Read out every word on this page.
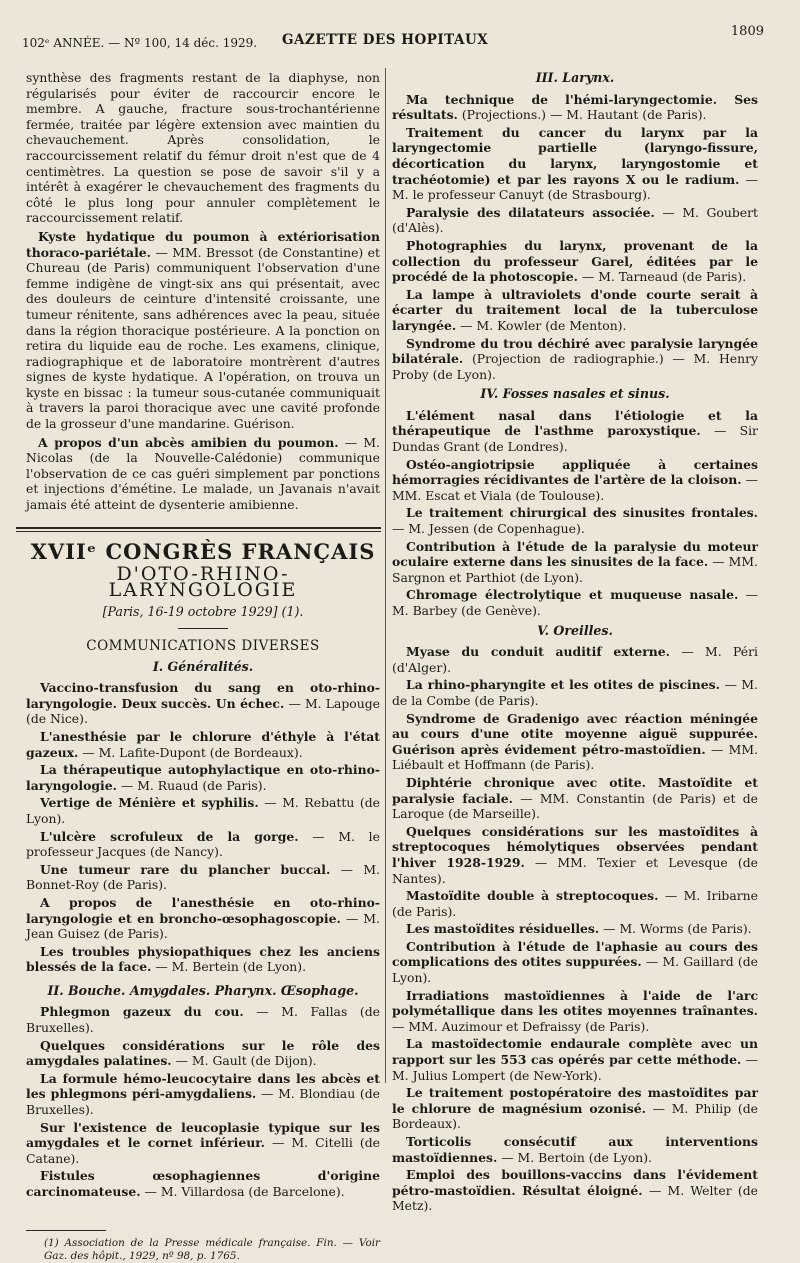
102ᵉ ANNÉE. — Nº 100, 14 déc. 1929. GAZETTE DES HOPITAUX
1809

synthèse des fragments restant de la diaphyse, non régularisés pour éviter de raccourcir encore le membre. A gauche, fracture sous-trochantérienne fermée, traitée par légère extension avec maintien du chevauchement. Après consolidation, le raccourcissement relatif du fémur droit n'est que de 4 centimètres. La question se pose de savoir s'il y a intérêt à exagérer le chevauchement des fragments du côté le plus long pour annuler complètement le raccourcissement relatif.

Kyste hydatique du poumon à extériorisation thoraco-pariétale. — MM. Bressot (de Constantine) et Chureau (de Paris) communiquent l'observation d'une femme indigène de vingt-six ans qui présentait, avec des douleurs de ceinture d'intensité croissante, une tumeur rénitente, sans adhérences avec la peau, située dans la région thoracique postérieure. A la ponction on retira du liquide eau de roche. Les examens, clinique, radiographique et de laboratoire montrèrent d'autres signes de kyste hydatique. A l'opération, on trouva un kyste en bissac : la tumeur sous-cutanée communiquait à travers la paroi thoracique avec une cavité profonde de la grosseur d'une mandarine. Guérison.

A propos d'un abcès amibien du poumon. — M. Nicolas (de la Nouvelle-Calédonie) communique l'observation de ce cas guéri simplement par ponctions et injections d'émétine. Le malade, un Javanais n'avait jamais été atteint de dysenterie amibienne.

XVIIᵉ CONGRÈS FRANÇAIS
D'OTO-RHINO-LARYNGOLOGIE
[Paris, 16-19 octobre 1929] (1).
COMMUNICATIONS DIVERSES
I. Généralités.

Vaccino-transfusion du sang en oto-rhino-laryngologie. Deux succès. Un échec. — M. Lapouge (de Nice).

L'anesthésie par le chlorure d'éthyle à l'état gazeux. — M. Lafite-Dupont (de Bordeaux).

La thérapeutique autophylactique en oto-rhino-laryngologie. — M. Ruaud (de Paris).

Vertige de Ménière et syphilis. — M. Rebattu (de Lyon).

L'ulcère scrofuleux de la gorge. — M. le professeur Jacques (de Nancy).

Une tumeur rare du plancher buccal. — M. Bonnet-Roy (de Paris).

A propos de l'anesthésie en oto-rhino-laryngologie et en broncho-œsophagoscopie. — M. Jean Guisez (de Paris).

Les troubles physiopathiques chez les anciens blessés de la face. — M. Bertein (de Lyon).

II. Bouche. Amygdales. Pharynx. Œsophage.

Phlegmon gazeux du cou. — M. Fallas (de Bruxelles).

Quelques considérations sur le rôle des amygdales palatines. — M. Gault (de Dijon).

La formule hémo-leucocytaire dans les abcès et les phlegmons péri-amygdaliens. — M. Blondiau (de Bruxelles).

Sur l'existence de leucoplasie typique sur les amygdales et le cornet inférieur. — M. Citelli (de Catane).

Fistules œsophagiennes d'origine carcinomateuse. — M. Villardosa (de Barcelone).

(1) Association de la Presse médicale française. Fin. — Voir Gaz. des hôpit., 1929, nº 98, p. 1765.
III. Larynx.

Ma technique de l'hémi-laryngectomie. Ses résultats. (Projections.) — M. Hautant (de Paris).

Traitement du cancer du larynx par la laryngectomie partielle (laryngo-fissure, décortication du larynx, laryngostomie et trachéotomie) et par les rayons X ou le radium. — M. le professeur Canuyt (de Strasbourg).

Paralysie des dilatateurs associée. — M. Goubert (d'Alès).

Photographies du larynx, provenant de la collection du professeur Garel, éditées par le procédé de la photoscopie. — M. Tarneaud (de Paris).

La lampe à ultraviolets d'onde courte serait à écarter du traitement local de la tuberculose laryngée. — M. Kowler (de Menton).

Syndrome du trou déchiré avec paralysie laryngée bilatérale. (Projection de radiographie.) — M. Henry Proby (de Lyon).

IV. Fosses nasales et sinus.

L'élément nasal dans l'étiologie et la thérapeutique de l'asthme paroxystique. — Sir Dundas Grant (de Londres).

Ostéo-angiotripsie appliquée à certaines hémorragies récidivantes de l'artère de la cloison. — MM. Escat et Viala (de Toulouse).

Le traitement chirurgical des sinusites frontales. — M. Jessen (de Copenhague).

Contribution à l'étude de la paralysie du moteur oculaire externe dans les sinusites de la face. — MM. Sargnon et Parthiot (de Lyon).

Chromage électrolytique et muqueuse nasale. — M. Barbey (de Genève).

V. Oreilles.

Myase du conduit auditif externe. — M. Péri (d'Alger).

La rhino-pharyngite et les otites de piscines. — M. de la Combe (de Paris).

Syndrome de Gradenigo avec réaction méningée au cours d'une otite moyenne aiguë suppurée. Guérison après évidement pétro-mastoïdien. — MM. Liébault et Hoffmann (de Paris).

Diphtérie chronique avec otite. Mastoïdite et paralysie faciale. — MM. Constantin (de Paris) et de Laroque (de Marseille).

Quelques considérations sur les mastoïdites à streptocoques hémolytiques observées pendant l'hiver 1928-1929. — MM. Texier et Levesque (de Nantes).

Mastoïdite double à streptocoques. — M. Iribarne (de Paris).

Les mastoïdites résiduelles. — M. Worms (de Paris).

Contribution à l'étude de l'aphasie au cours des complications des otites suppurées. — M. Gaillard (de Lyon).

Irradiations mastoïdiennes à l'aide de l'arc polymétallique dans les otites moyennes traînantes. — MM. Auzimour et Defraissy (de Paris).

La mastoïdectomie endaurale complète avec un rapport sur les 553 cas opérés par cette méthode. — M. Julius Lompert (de New-York).

Le traitement postopératoire des mastoïdites par le chlorure de magnésium ozonisé. — M. Philip (de Bordeaux).

Torticolis consécutif aux interventions mastoïdiennes. — M. Bertoin (de Lyon).

Emploi des bouillons-vaccins dans l'évidement pétro-mastoïdien. Résultat éloigné. — M. Welter (de Metz).
